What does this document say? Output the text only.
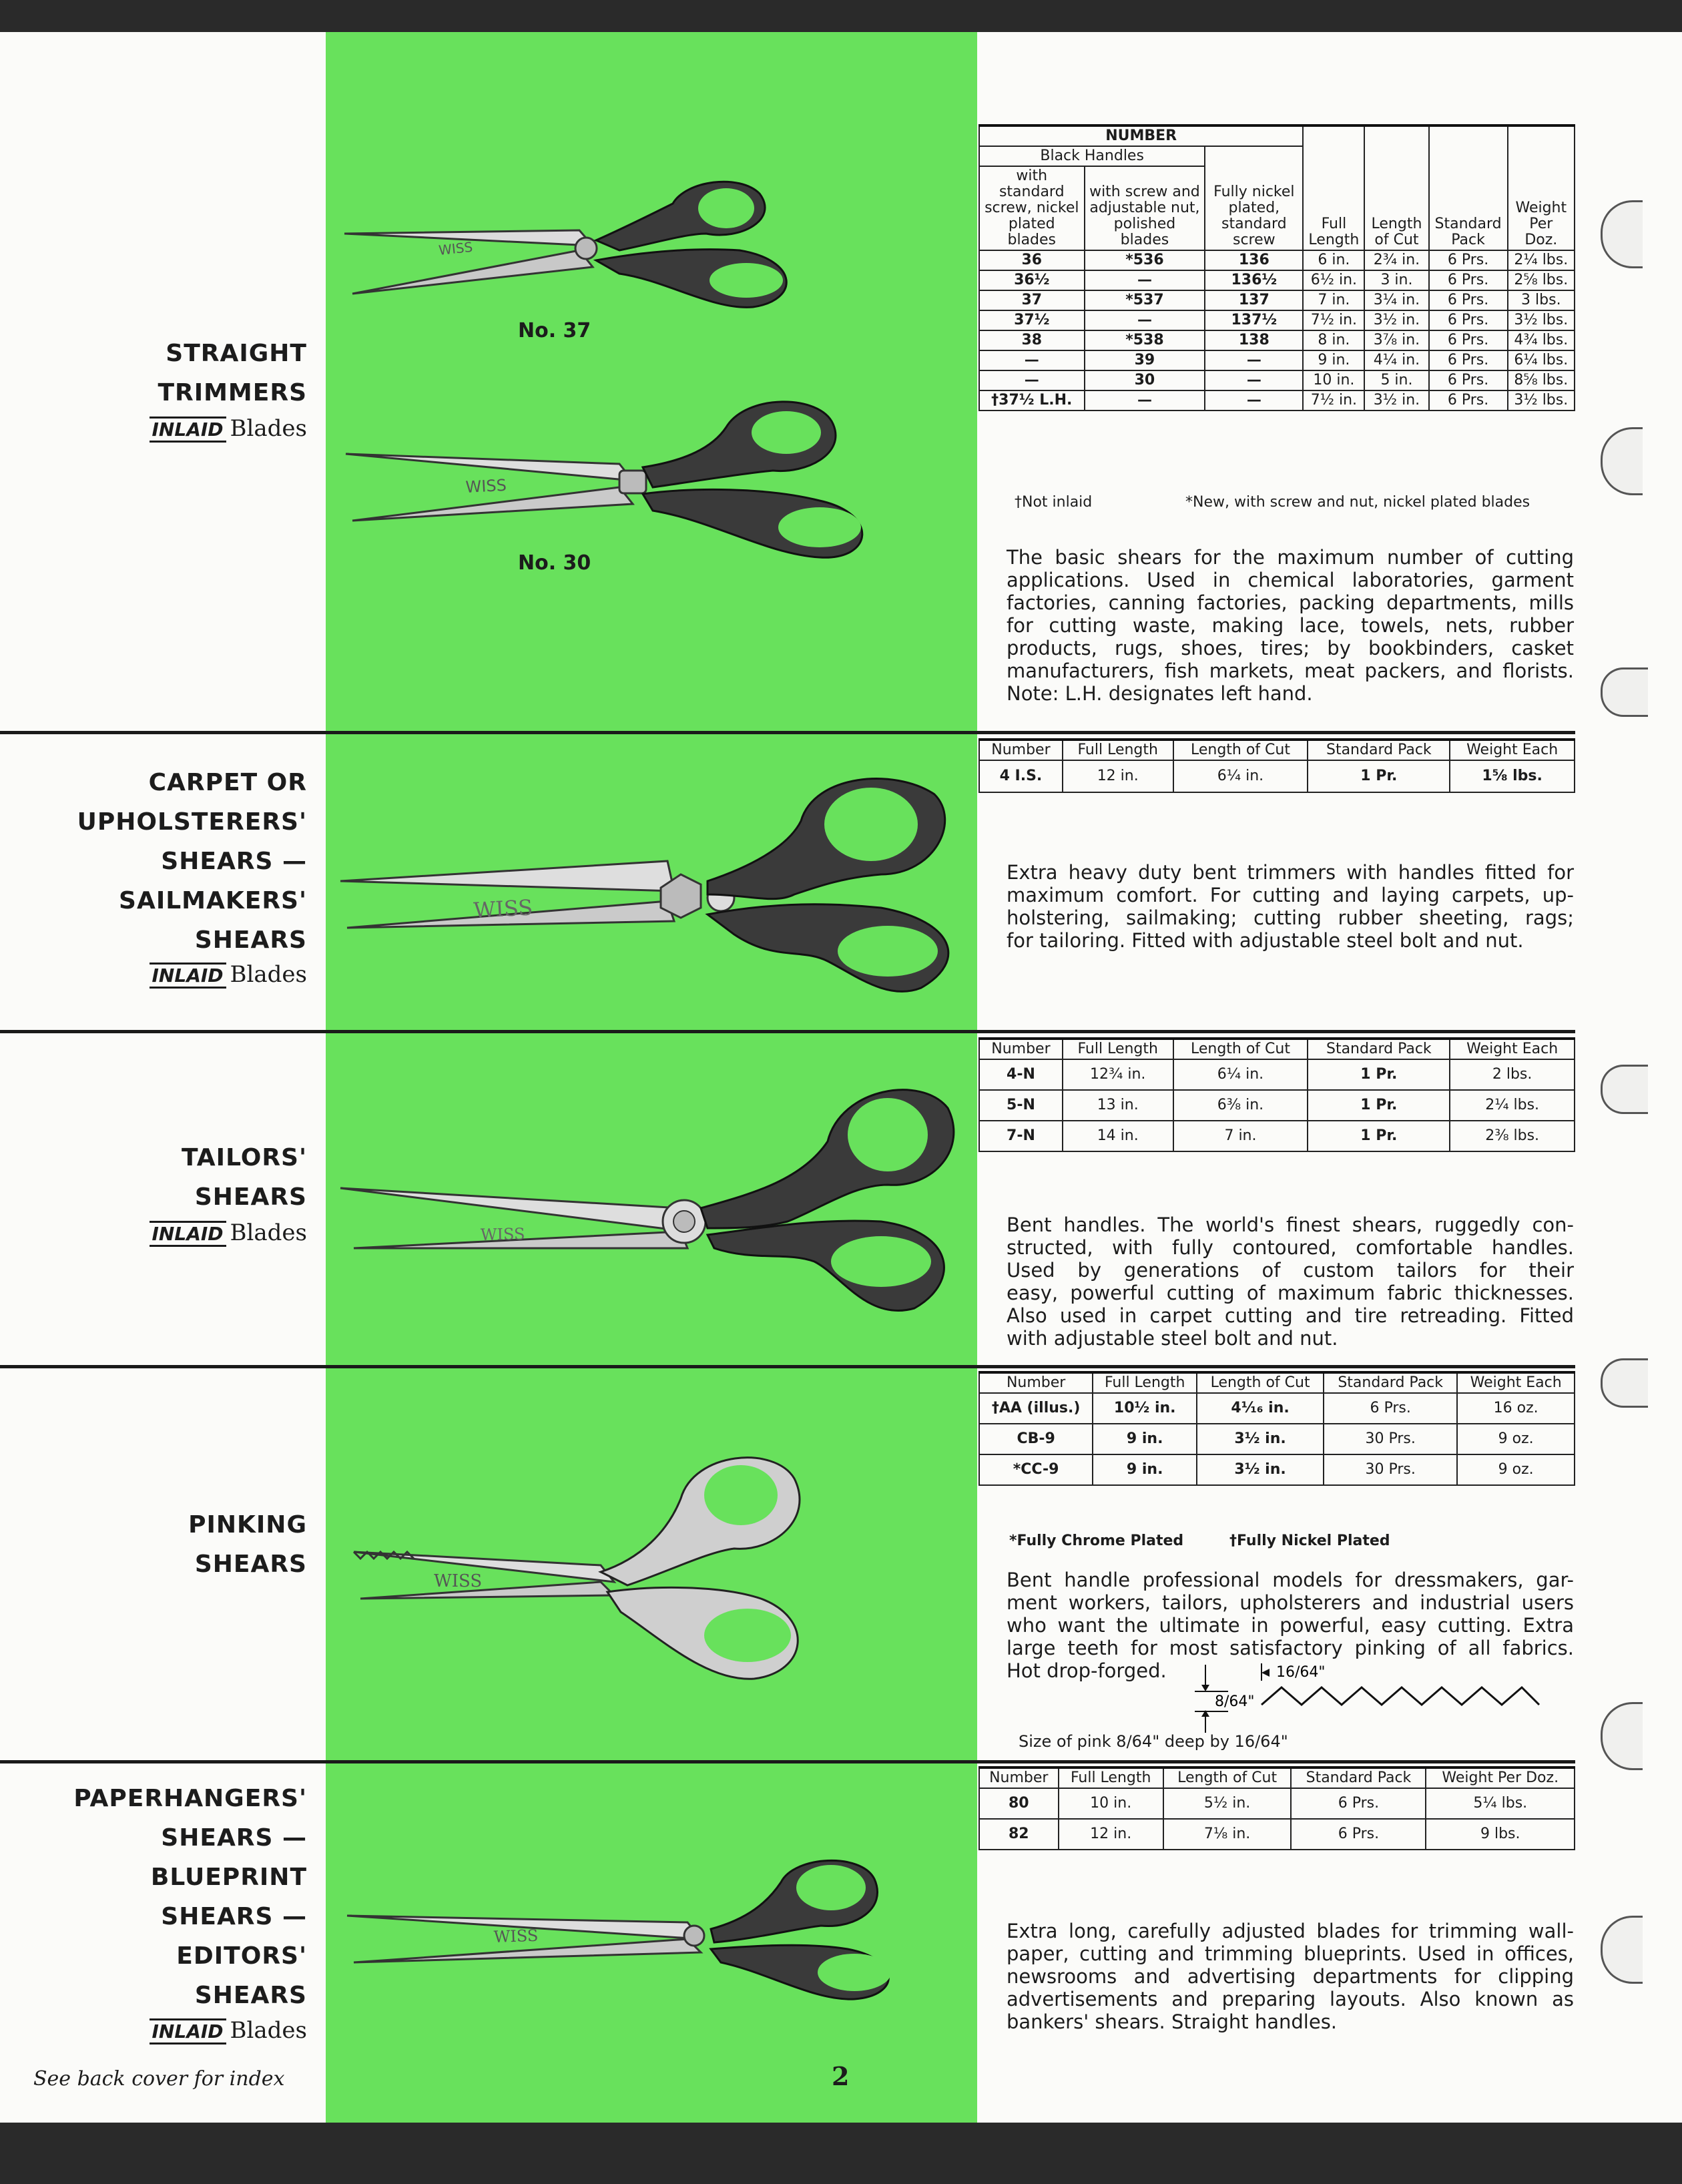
STRAIGHT
TRIMMERS
INLAID Blades
WISS
No. 37
WISS
No. 30
NUMBER			Full Length	Length of Cut	Standard Pack	Weight Per Doz.
Black Handles		Fully nickel plated, standard screw				
with standard screw, nickel plated blades	with screw and adjustable nut, polished blades					
36	*536	136	6 in.	2¾ in.	6 Prs.	2¼ lbs.
36½	—	136½	6½ in.	3 in.	6 Prs.	2⅝ lbs.
37	*537	137	7 in.	3¼ in.	6 Prs.	3 lbs.
37½	—	137½	7½ in.	3½ in.	6 Prs.	3½ lbs.
38	*538	138	8 in.	3⅞ in.	6 Prs.	4¾ lbs.
—	39	—	9 in.	4¼ in.	6 Prs.	6¼ lbs.
—	30	—	10 in.	5 in.	6 Prs.	8⅝ lbs.
†37½ L.H.	—	—	7½ in.	3½ in.	6 Prs.	3½ lbs.
†Not inlaid	*New, with screw and nut, nickel plated blades
The basic shears for the maximum number of cutting
applications. Used in chemical laboratories, garment
factories, canning factories, packing departments, mills
for cutting waste, making lace, towels, nets, rubber
products, rugs, shoes, tires; by bookbinders, casket
manufacturers, fish markets, meat packers, and florists.
Note: L.H. designates left hand.
CARPET OR
UPHOLSTERERS'
SHEARS —
SAILMAKERS'
SHEARS
INLAID Blades
WISS
Number	Full Length	Length of Cut	Standard Pack	Weight Each
4 I.S.	12 in.	6¼ in.	1 Pr.	1⅝ lbs.
Extra heavy duty bent trimmers with handles fitted for
maximum comfort. For cutting and laying carpets, up-
holstering, sailmaking; cutting rubber sheeting, rags;
for tailoring. Fitted with adjustable steel bolt and nut.
TAILORS'
SHEARS
INLAID Blades	WISS
Number	Full Length	Length of Cut	Standard Pack	Weight Each
4-N	12¾ in.	6¼ in.	1 Pr.	2 lbs.
5-N	13 in.	6⅜ in.	1 Pr.	2¼ lbs.
7-N	14 in.	7 in.	1 Pr.	2⅜ lbs.
Bent handles. The world's finest shears, ruggedly con-
structed, with fully contoured, comfortable handles.
Used by generations of custom tailors for their
easy, powerful cutting of maximum fabric thicknesses.
Also used in carpet cutting and tire retreading. Fitted
with adjustable steel bolt and nut.
PINKING
SHEARS
WISS
Number	Full Length	Length of Cut	Standard Pack	Weight Each
†AA (illus.)	10½ in.	4⅟₁₆ in.	6 Prs.	16 oz.
CB-9	9 in.	3½ in.	30 Prs.	9 oz.
*CC-9	9 in.	3½ in.	30 Prs.	9 oz.
*Fully Chrome Plated	†Fully Nickel Plated
Bent handle professional models for dressmakers, gar-
ment workers, tailors, upholsterers and industrial users
who want the ultimate in powerful, easy cutting. Extra
large teeth for most satisfactory pinking of all fabrics.
Hot drop-forged.
8/64"
16/64"
Size of pink 8/64" deep by 16/64"
PAPERHANGERS'
SHEARS —
BLUEPRINT
SHEARS —
EDITORS'
SHEARS
INLAID Blades
WISS
Number	Full Length	Length of Cut	Standard Pack	Weight Per Doz.
80	10 in.	5½ in.	6 Prs.	5¼ lbs.
82	12 in.	7⅛ in.	6 Prs.	9 lbs.
Extra long, carefully adjusted blades for trimming wall-
paper, cutting and trimming blueprints. Used in offices,
newsrooms and advertising departments for clipping
advertisements and preparing layouts. Also known as
bankers' shears. Straight handles.
See back cover for index	2
